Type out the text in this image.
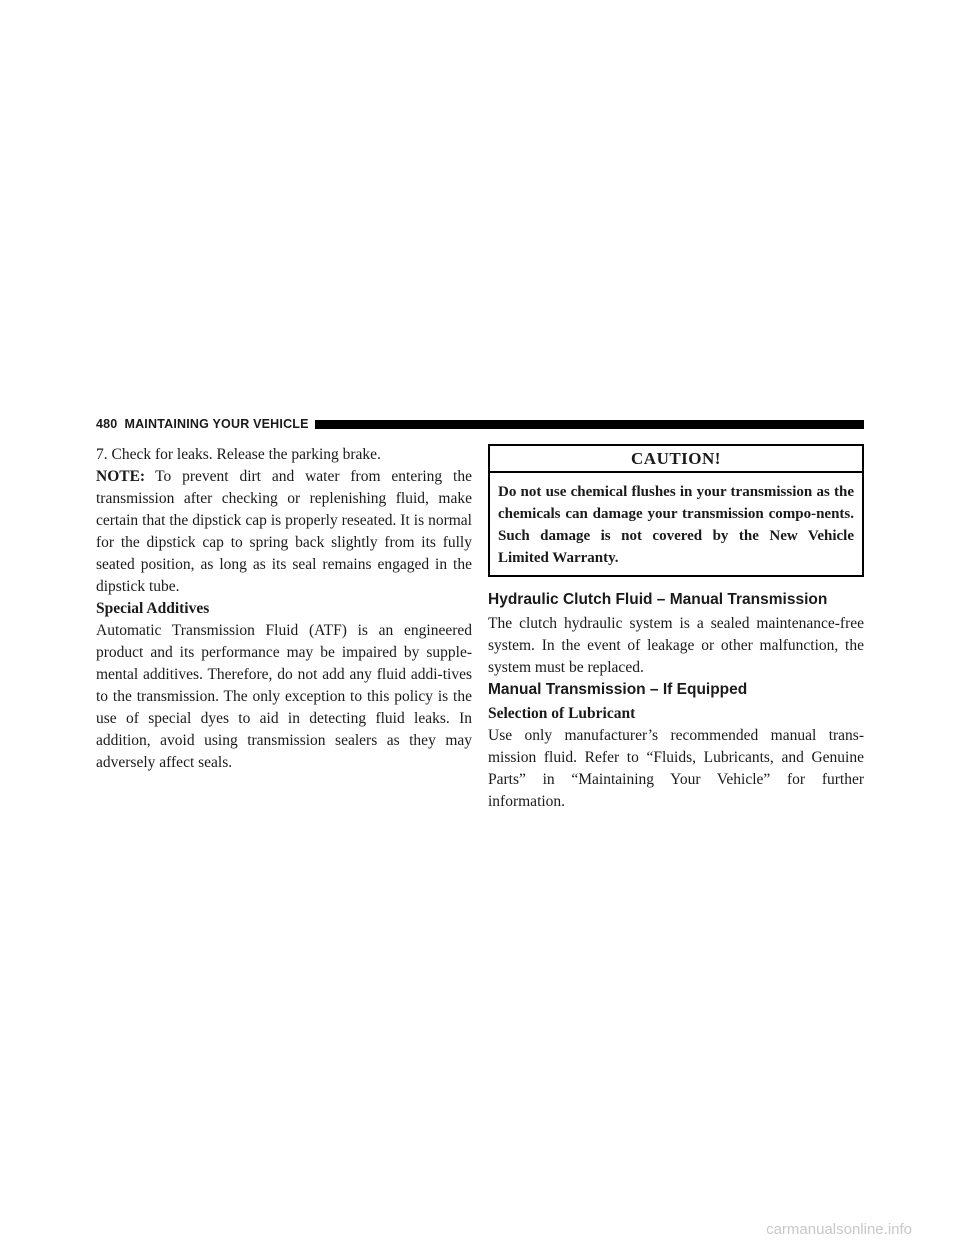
480 MAINTAINING YOUR VEHICLE

7. Check for leaks. Release the parking brake.

NOTE: To prevent dirt and water from entering the transmission after checking or replenishing fluid, make certain that the dipstick cap is properly reseated. It is normal for the dipstick cap to spring back slightly from its fully seated position, as long as its seal remains engaged in the dipstick tube.

Special Additives

Automatic Transmission Fluid (ATF) is an engineered product and its performance may be impaired by supple-mental additives. Therefore, do not add any fluid addi-tives to the transmission. The only exception to this policy is the use of special dyes to aid in detecting fluid leaks. In addition, avoid using transmission sealers as they may adversely affect seals.

CAUTION!

Do not use chemical flushes in your transmission as the chemicals can damage your transmission compo-nents. Such damage is not covered by the New Vehicle Limited Warranty.

Hydraulic Clutch Fluid – Manual Transmission

The clutch hydraulic system is a sealed maintenance-free system. In the event of leakage or other malfunction, the system must be replaced.

Manual Transmission – If Equipped

Selection of Lubricant

Use only manufacturer’s recommended manual trans-mission fluid. Refer to “Fluids, Lubricants, and Genuine Parts” in “Maintaining Your Vehicle” for further information.

carmanualsonline.info
